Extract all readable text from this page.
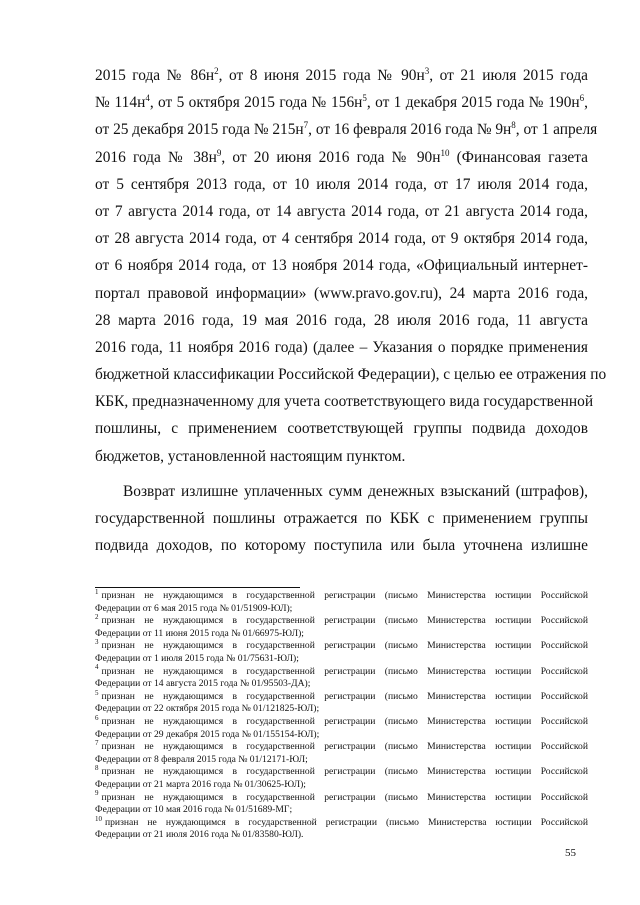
2015 года № $86н^2$, от 8 июня 2015 года № $90н^3$, от 21 июля 2015 года
№ $114н^4$, от 5 октября 2015 года № $156н^5$, от 1 декабря 2015 года № $190н^6$,
от 25 декабря 2015 года № $215н^7$, от 16 февраля 2016 года № $9н^8$, от 1 апреля
2016 года № $38н^9$, от 20 июня 2016 года № $90н^{10}$ (Финансовая газета
от 5 сентября 2013 года, от 10 июля 2014 года, от 17 июля 2014 года,
от 7 августа 2014 года, от 14 августа 2014 года, от 21 августа 2014 года,
от 28 августа 2014 года, от 4 сентября 2014 года, от 9 октября 2014 года,
от 6 ноября 2014 года, от 13 ноября 2014 года, «Официальный интернет-
портал правовой информации» (www.pravo.gov.ru), 24 марта 2016 года,
28 марта 2016 года, 19 мая 2016 года, 28 июля 2016 года, 11 августа
2016 года, 11 ноября 2016 года) (далее – Указания о порядке применения
бюджетной классификации Российской Федерации), с целью ее отражения по
КБК, предназначенному для учета соответствующего вида государственной
пошлины, с применением соответствующей группы подвида доходов
бюджетов, установленной настоящим пунктом.
Возврат излишне уплаченных сумм денежных взысканий (штрафов),
государственной пошлины отражается по КБК с применением группы
подвида доходов, по которому поступила или была уточнена излишне
$^1$ признан не нуждающимся в государственной регистрации (письмо Министерства юстиции Российской
Федерации от 6 мая 2015 года № 01/51909-ЮЛ);
$^2$ признан не нуждающимся в государственной регистрации (письмо Министерства юстиции Российской
Федерации от 11 июня 2015 года № 01/66975-ЮЛ);
$^3$ признан не нуждающимся в государственной регистрации (письмо Министерства юстиции Российской
Федерации от 1 июля 2015 года № 01/75631-ЮЛ);
$^4$ признан не нуждающимся в государственной регистрации (письмо Министерства юстиции Российской
Федерации от 14 августа 2015 года № 01/95503-ДА);
$^5$ признан не нуждающимся в государственной регистрации (письмо Министерства юстиции Российской
Федерации от 22 октября 2015 года № 01/121825-ЮЛ);
$^6$ признан не нуждающимся в государственной регистрации (письмо Министерства юстиции Российской
Федерации от 29 декабря 2015 года № 01/155154-ЮЛ);
$^7$ признан не нуждающимся в государственной регистрации (письмо Министерства юстиции Российской
Федерации от 8 февраля 2015 года № 01/12171-ЮЛ;
$^8$ признан не нуждающимся в государственной регистрации (письмо Министерства юстиции Российской
Федерации от 21 марта 2016 года № 01/30625-ЮЛ);
$^9$ признан не нуждающимся в государственной регистрации (письмо Министерства юстиции Российской
Федерации от 10 мая 2016 года № 01/51689-МГ;
$^{10}$ признан не нуждающимся в государственной регистрации (письмо Министерства юстиции Российской
Федерации от 21 июля 2016 года № 01/83580-ЮЛ).
55
